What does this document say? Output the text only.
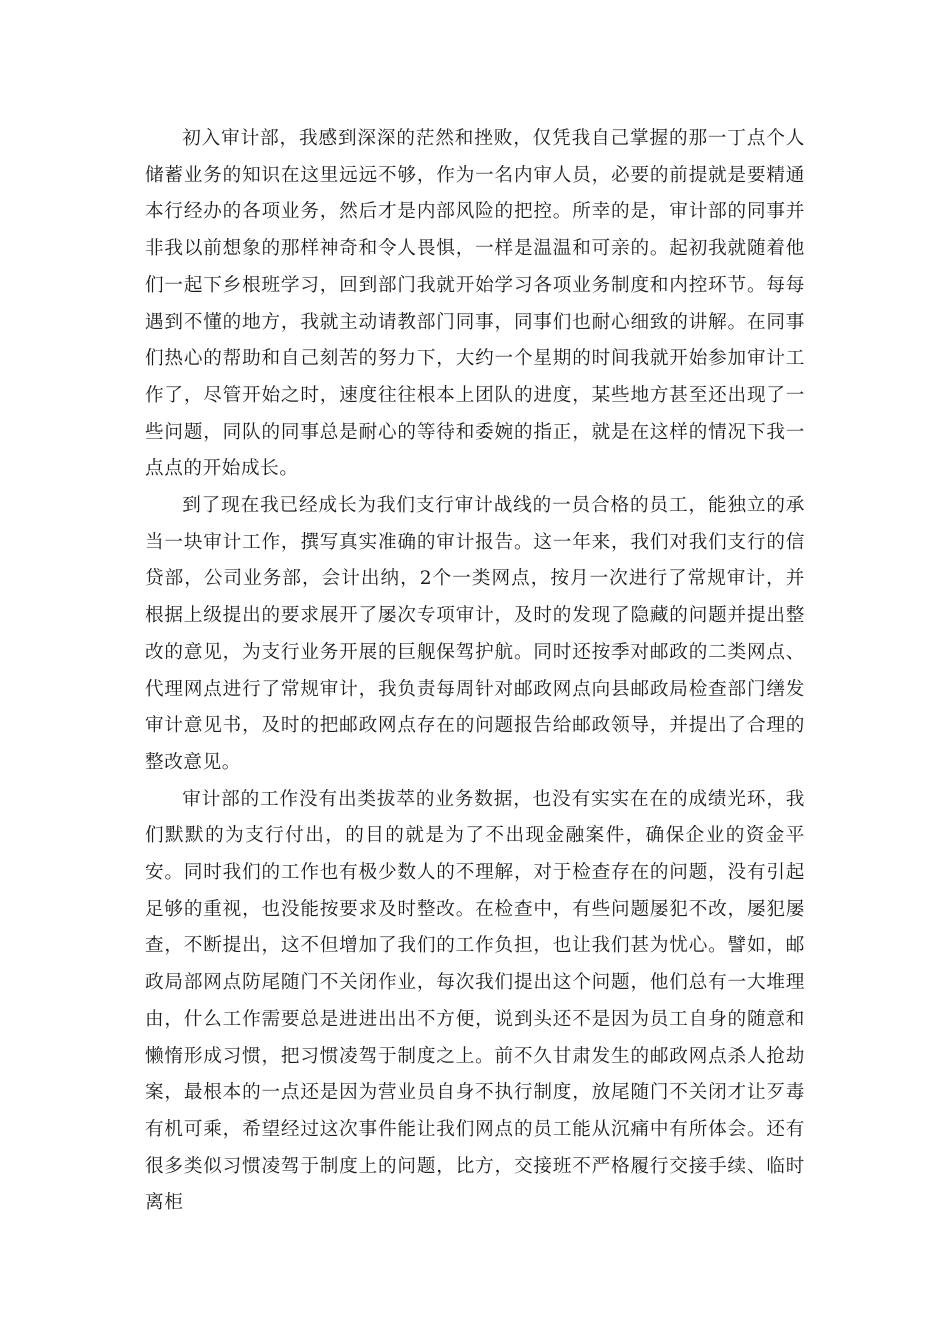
初入审计部，我感到深深的茫然和挫败，仅凭我自己掌握的那一丁点个人储蓄业务的知识在这里远远不够，作为一名内审人员，必要的前提就是要精通本行经办的各项业务，然后才是内部风险的把控。所幸的是，审计部的同事并非我以前想象的那样神奇和令人畏惧，一样是温温和可亲的。起初我就随着他们一起下乡根班学习，回到部门我就开始学习各项业务制度和内控环节。每每遇到不懂的地方，我就主动请教部门同事，同事们也耐心细致的讲解。在同事们热心的帮助和自己刻苦的努力下，大约一个星期的时间我就开始参加审计工作了，尽管开始之时，速度往往根本上团队的进度，某些地方甚至还出现了一些问题，同队的同事总是耐心的等待和委婉的指正，就是在这样的情况下我一点点的开始成长。

到了现在我已经成长为我们支行审计战线的一员合格的员工，能独立的承当一块审计工作，撰写真实准确的审计报告。这一年来，我们对我们支行的信贷部，公司业务部，会计出纳，2个一类网点，按月一次进行了常规审计，并根据上级提出的要求展开了屡次专项审计，及时的发现了隐藏的问题并提出整改的意见，为支行业务开展的巨舰保驾护航。同时还按季对邮政的二类网点、代理网点进行了常规审计，我负责每周针对邮政网点向县邮政局检查部门缮发审计意见书，及时的把邮政网点存在的问题报告给邮政领导，并提出了合理的整改意见。

审计部的工作没有出类拔萃的业务数据，也没有实实在在的成绩光环，我们默默的为支行付出，的目的就是为了不出现金融案件，确保企业的资金平安。同时我们的工作也有极少数人的不理解，对于检查存在的问题，没有引起足够的重视，也没能按要求及时整改。在检查中，有些问题屡犯不改，屡犯屡查，不断提出，这不但增加了我们的工作负担，也让我们甚为忧心。譬如，邮政局部网点防尾随门不关闭作业，每次我们提出这个问题，他们总有一大堆理由，什么工作需要总是进进出出不方便，说到头还不是因为员工自身的随意和懒惰形成习惯，把习惯凌驾于制度之上。前不久甘肃发生的邮政网点杀人抢劫案，最根本的一点还是因为营业员自身不执行制度，放尾随门不关闭才让歹毒有机可乘，希望经过这次事件能让我们网点的员工能从沉痛中有所体会。还有很多类似习惯凌驾于制度上的问题，比方，交接班不严格履行交接手续、临时离柜
